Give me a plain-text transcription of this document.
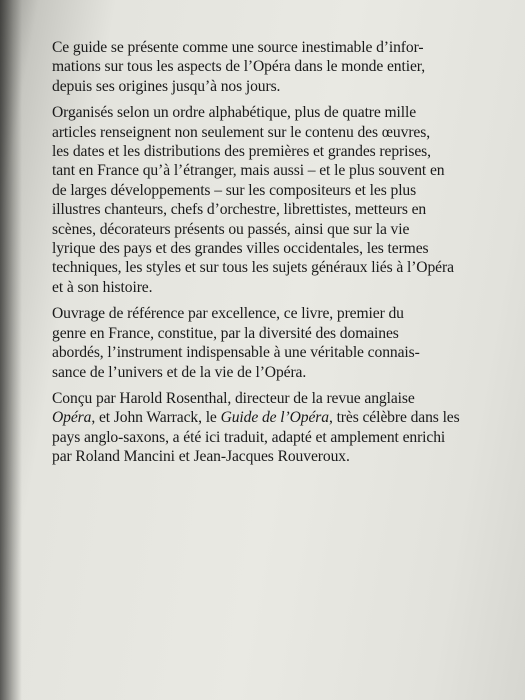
Ce guide se présente comme une source inestimable d’infor-
mations sur tous les aspects de l’Opéra dans le monde entier,
depuis ses origines jusqu’à nos jours.

Organisés selon un ordre alphabétique, plus de quatre mille
articles renseignent non seulement sur le contenu des œuvres,
les dates et les distributions des premières et grandes reprises,
tant en France qu’à l’étranger, mais aussi – et le plus souvent en
de larges développements – sur les compositeurs et les plus
illustres chanteurs, chefs d’orchestre, librettistes, metteurs en
scènes, décorateurs présents ou passés, ainsi que sur la vie
lyrique des pays et des grandes villes occidentales, les termes
techniques, les styles et sur tous les sujets généraux liés à l’Opéra
et à son histoire.

Ouvrage de référence par excellence, ce livre, premier du
genre en France, constitue, par la diversité des domaines
abordés, l’instrument indispensable à une véritable connais-
sance de l’univers et de la vie de l’Opéra.

Conçu par Harold Rosenthal, directeur de la revue anglaise
Opéra, et John Warrack, le Guide de l’Opéra, très célèbre dans les
pays anglo-saxons, a été ici traduit, adapté et amplement enrichi
par Roland Mancini et Jean-Jacques Rouveroux.
